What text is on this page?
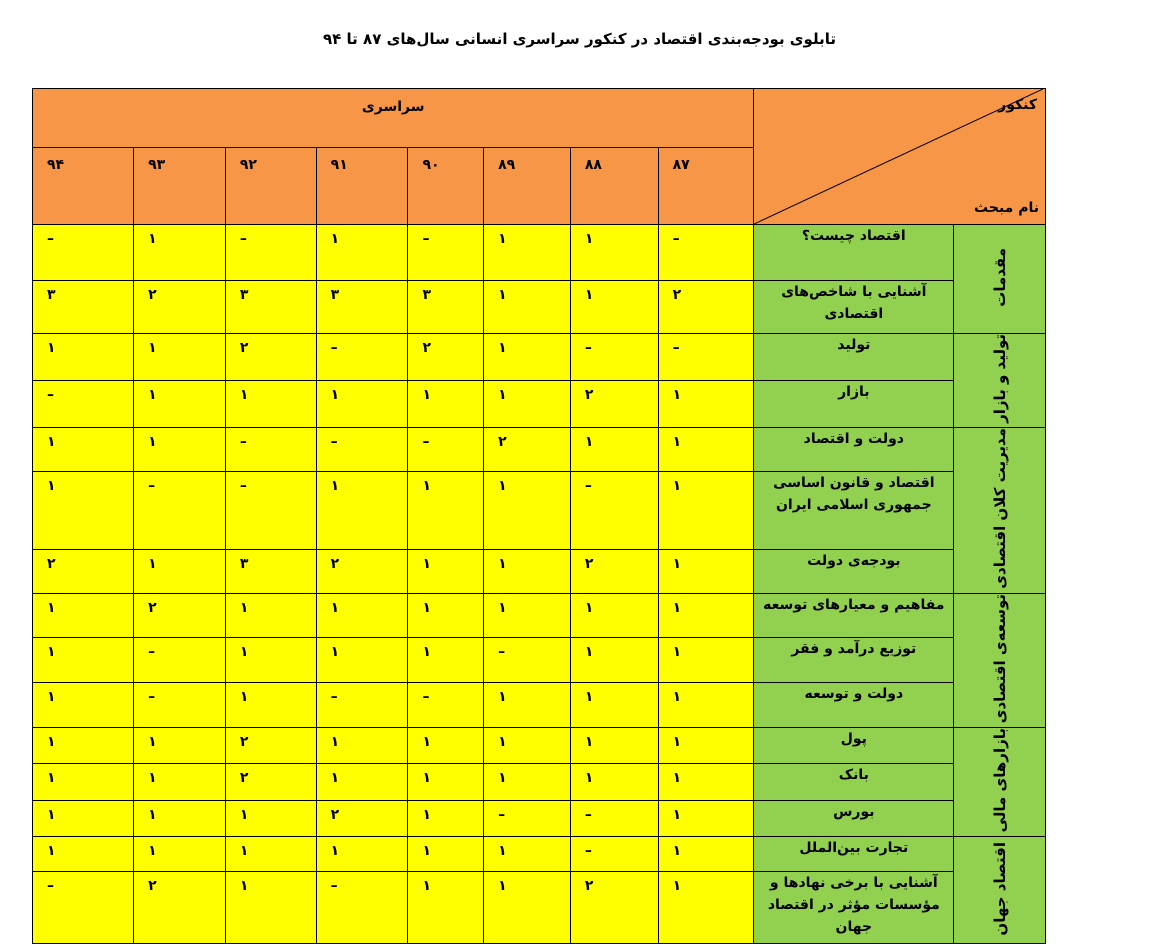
تابلوی بودجه‌بندی اقتصاد در کنکور سراسری انسانی سال‌های ۸۷ تا ۹۴
کنکور
نام مبحث		سراسری							
		۸۷	۸۸	۸۹	۹۰	۹۱	۹۲	۹۳	۹۴
مقدمات	اقتصاد چیست؟	–	۱	۱	–	۱	–	۱	–
	آشنایی با شاخص‌های اقتصادی	۲	۱	۱	۳	۳	۳	۲	۳
تولید و بازار	تولید	–	–	۱	۲	–	۲	۱	۱
	بازار	۱	۲	۱	۱	۱	۱	۱	–
مدیریت کلان اقتصادی	دولت و اقتصاد	۱	۱	۲	–	–	–	۱	۱
	اقتصاد و قانون اساسی جمهوری اسلامی ایران	۱	–	۱	۱	۱	–	–	۱
	بودجه‌ی دولت	۱	۲	۱	۱	۲	۳	۱	۲
توسعه‌ی اقتصادی	مفاهیم و معیارهای توسعه	۱	۱	۱	۱	۱	۱	۲	۱
	توزیع درآمد و فقر	۱	۱	–	۱	۱	۱	–	۱
	دولت و توسعه	۱	۱	۱	–	–	۱	–	۱
بازارهای مالی	پول	۱	۱	۱	۱	۱	۲	۱	۱
	بانک	۱	۱	۱	۱	۱	۲	۱	۱
	بورس	۱	–	–	۱	۲	۱	۱	۱
اقتصاد جهان	تجارت بین‌الملل	۱	–	۱	۱	۱	۱	۱	۱
	آشنایی با برخی نهادها و مؤسسات مؤثر در اقتصاد جهان	۱	۲	۱	۱	–	۱	۲	–
